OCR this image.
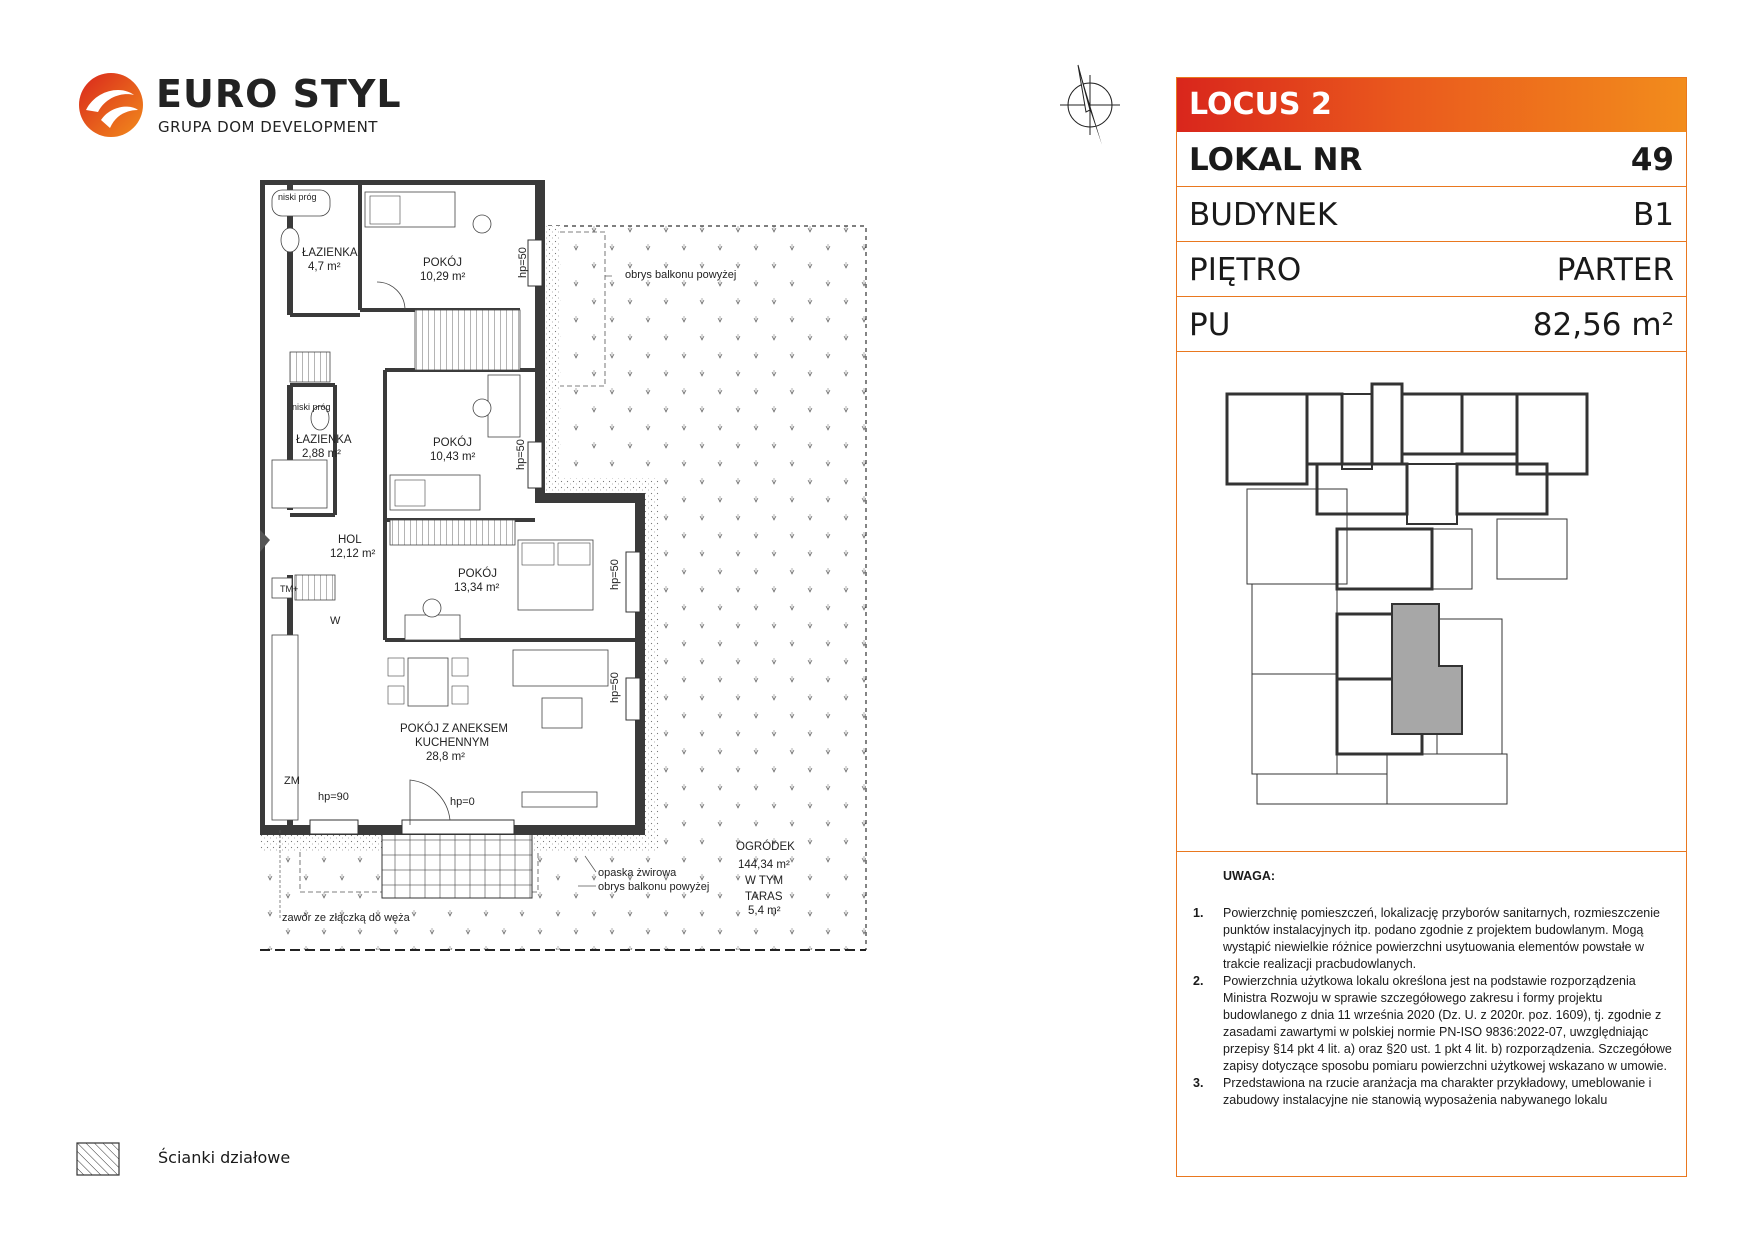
EURO STYL
GRUPA DOM DEVELOPMENT
ŁAZIENKA
4,7 m²	POKÓJ
10,29 m²
ŁAZIENKA
2,88 m²
POKÓJ
10,43 m²
HOL
12,12 m²
POKÓJ
13,34 m²
POKÓJ Z ANEKSEM
KUCHENNYM
28,8 m²
OGRÓDEK
144,34 m²
W TYM
TARAS
5,4 m²
niski próg
niski próg
obrys balkonu powyżej
opaska żwirowa
obrys balkonu powyżej
zawór ze złączką do węża
hp=90	hp=0
hp=50
hp=50
hp=50
hp=50
W
ZM
TM+
LOCUS 2
LOKAL NR	49
BUDYNEK	B1
PIĘTRO	PARTER
PU	82,56 m²
UWAGA:
1. Powierzchnię pomieszczeń, lokalizację przyborów sanitarnych, rozmieszczenie punktów instalacyjnych itp. podano zgodnie z projektem budowlanym. Mogą wystąpić niewielkie różnice powierzchni usytuowania elementów powstałe w trakcie realizacji pracbudowlanych.
2. Powierzchnia użytkowa lokalu określona jest na podstawie rozporządzenia Ministra Rozwoju w sprawie szczegółowego zakresu i formy projektu budowlanego z dnia 11 września 2020 (Dz. U. z 2020r. poz. 1609), tj. zgodnie z zasadami zawartymi w polskiej normie PN-ISO 9836:2022-07, uwzględniając przepisy §14 pkt 4 lit. a) oraz §20 ust. 1 pkt 4 lit. b) rozporządzenia. Szczegółowe zapisy dotyczące sposobu pomiaru powierzchni użytkowej wskazano w umowie.
3. Przedstawiona na rzucie aranżacja ma charakter przykładowy, umeblowanie i zabudowy instalacyjne nie stanowią wyposażenia nabywanego lokalu
Ścianki działowe
